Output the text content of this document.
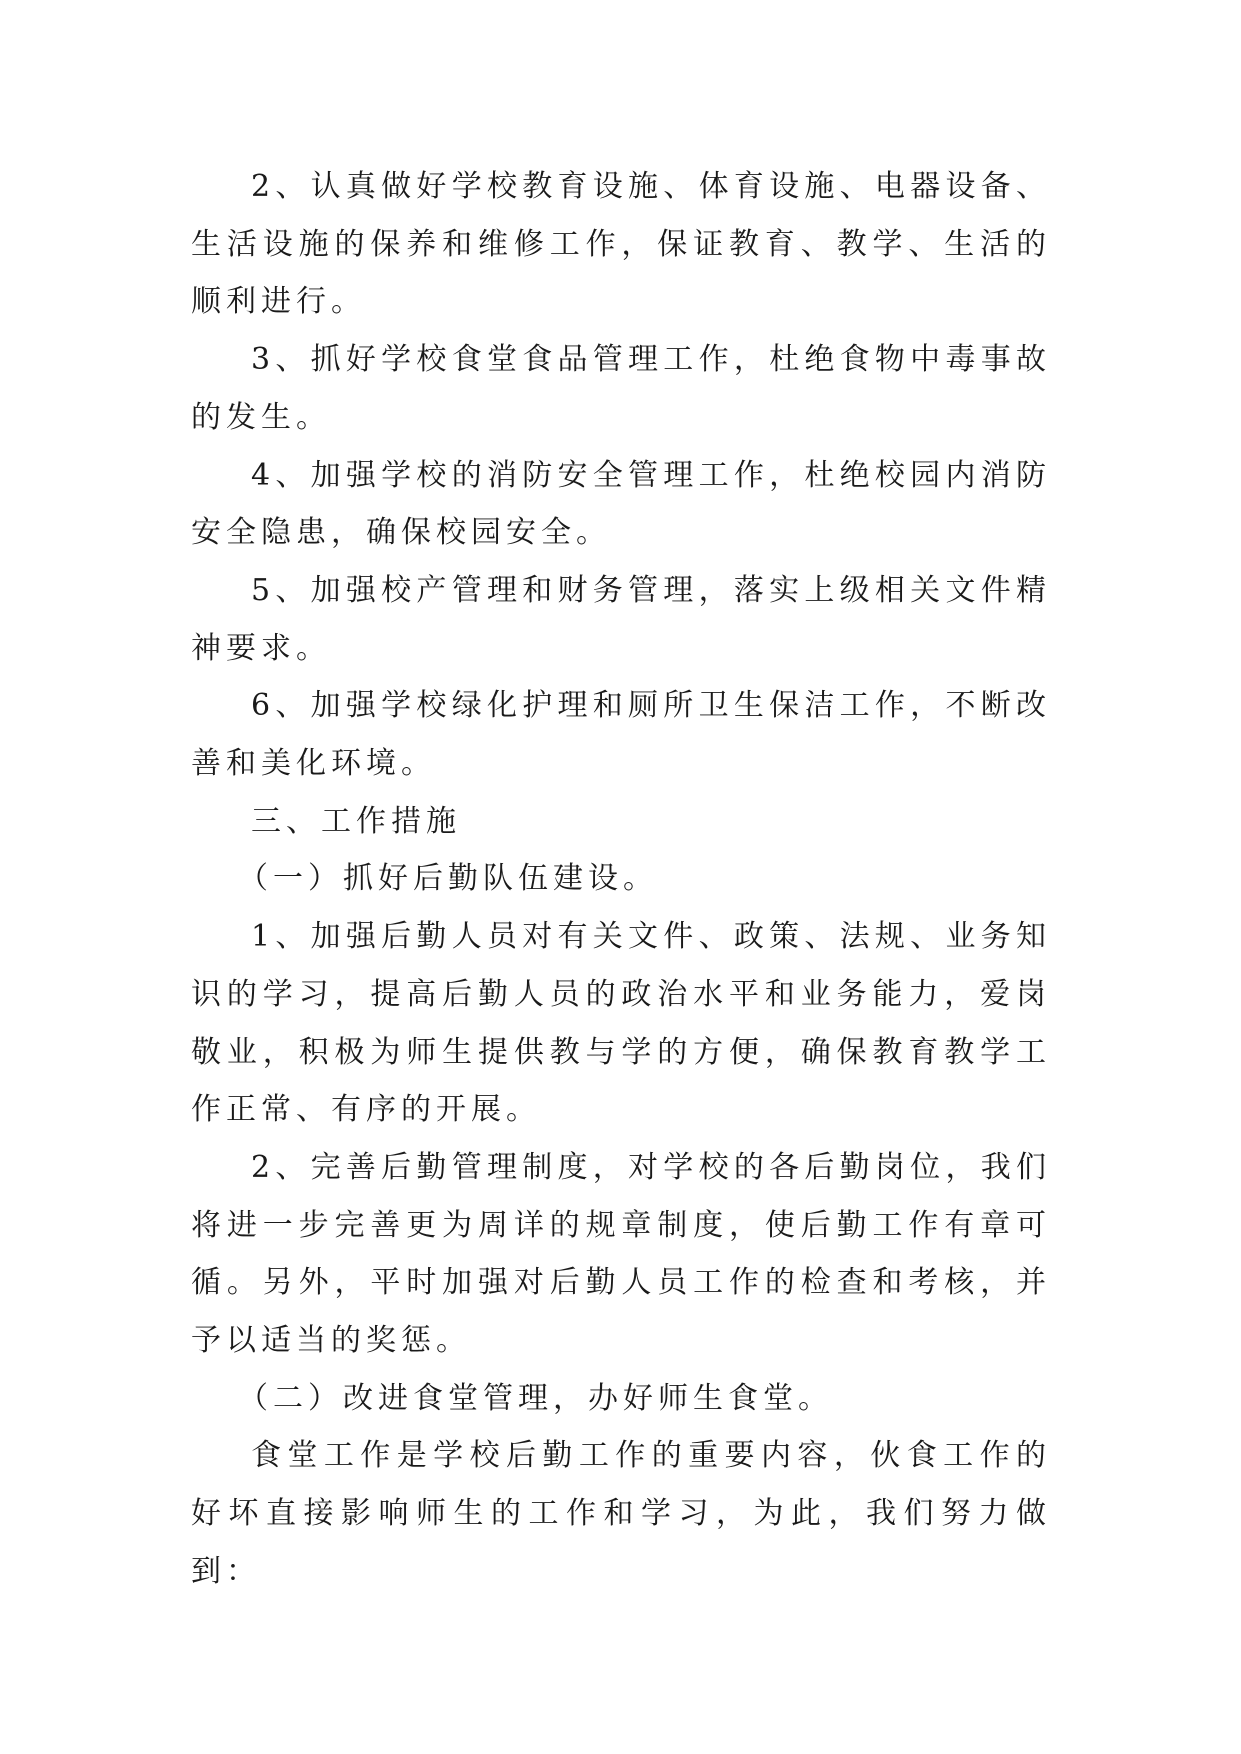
2、认真做好学校教育设施、体育设施、电器设备、生活设施的保养和维修工作，保证教育、教学、生活的顺利进行。

3、抓好学校食堂食品管理工作，杜绝食物中毒事故的发生。

4、加强学校的消防安全管理工作，杜绝校园内消防安全隐患，确保校园安全。

5、加强校产管理和财务管理，落实上级相关文件精神要求。

6、加强学校绿化护理和厕所卫生保洁工作，不断改善和美化环境。

三、工作措施

（一）抓好后勤队伍建设。

1、加强后勤人员对有关文件、政策、法规、业务知识的学习，提高后勤人员的政治水平和业务能力，爱岗敬业，积极为师生提供教与学的方便，确保教育教学工作正常、有序的开展。

2、完善后勤管理制度，对学校的各后勤岗位，我们将进一步完善更为周详的规章制度，使后勤工作有章可循。另外，平时加强对后勤人员工作的检查和考核，并予以适当的奖惩。

（二）改进食堂管理，办好师生食堂。

食堂工作是学校后勤工作的重要内容，伙食工作的好坏直接影响师生的工作和学习，为此，我们努力做到：
